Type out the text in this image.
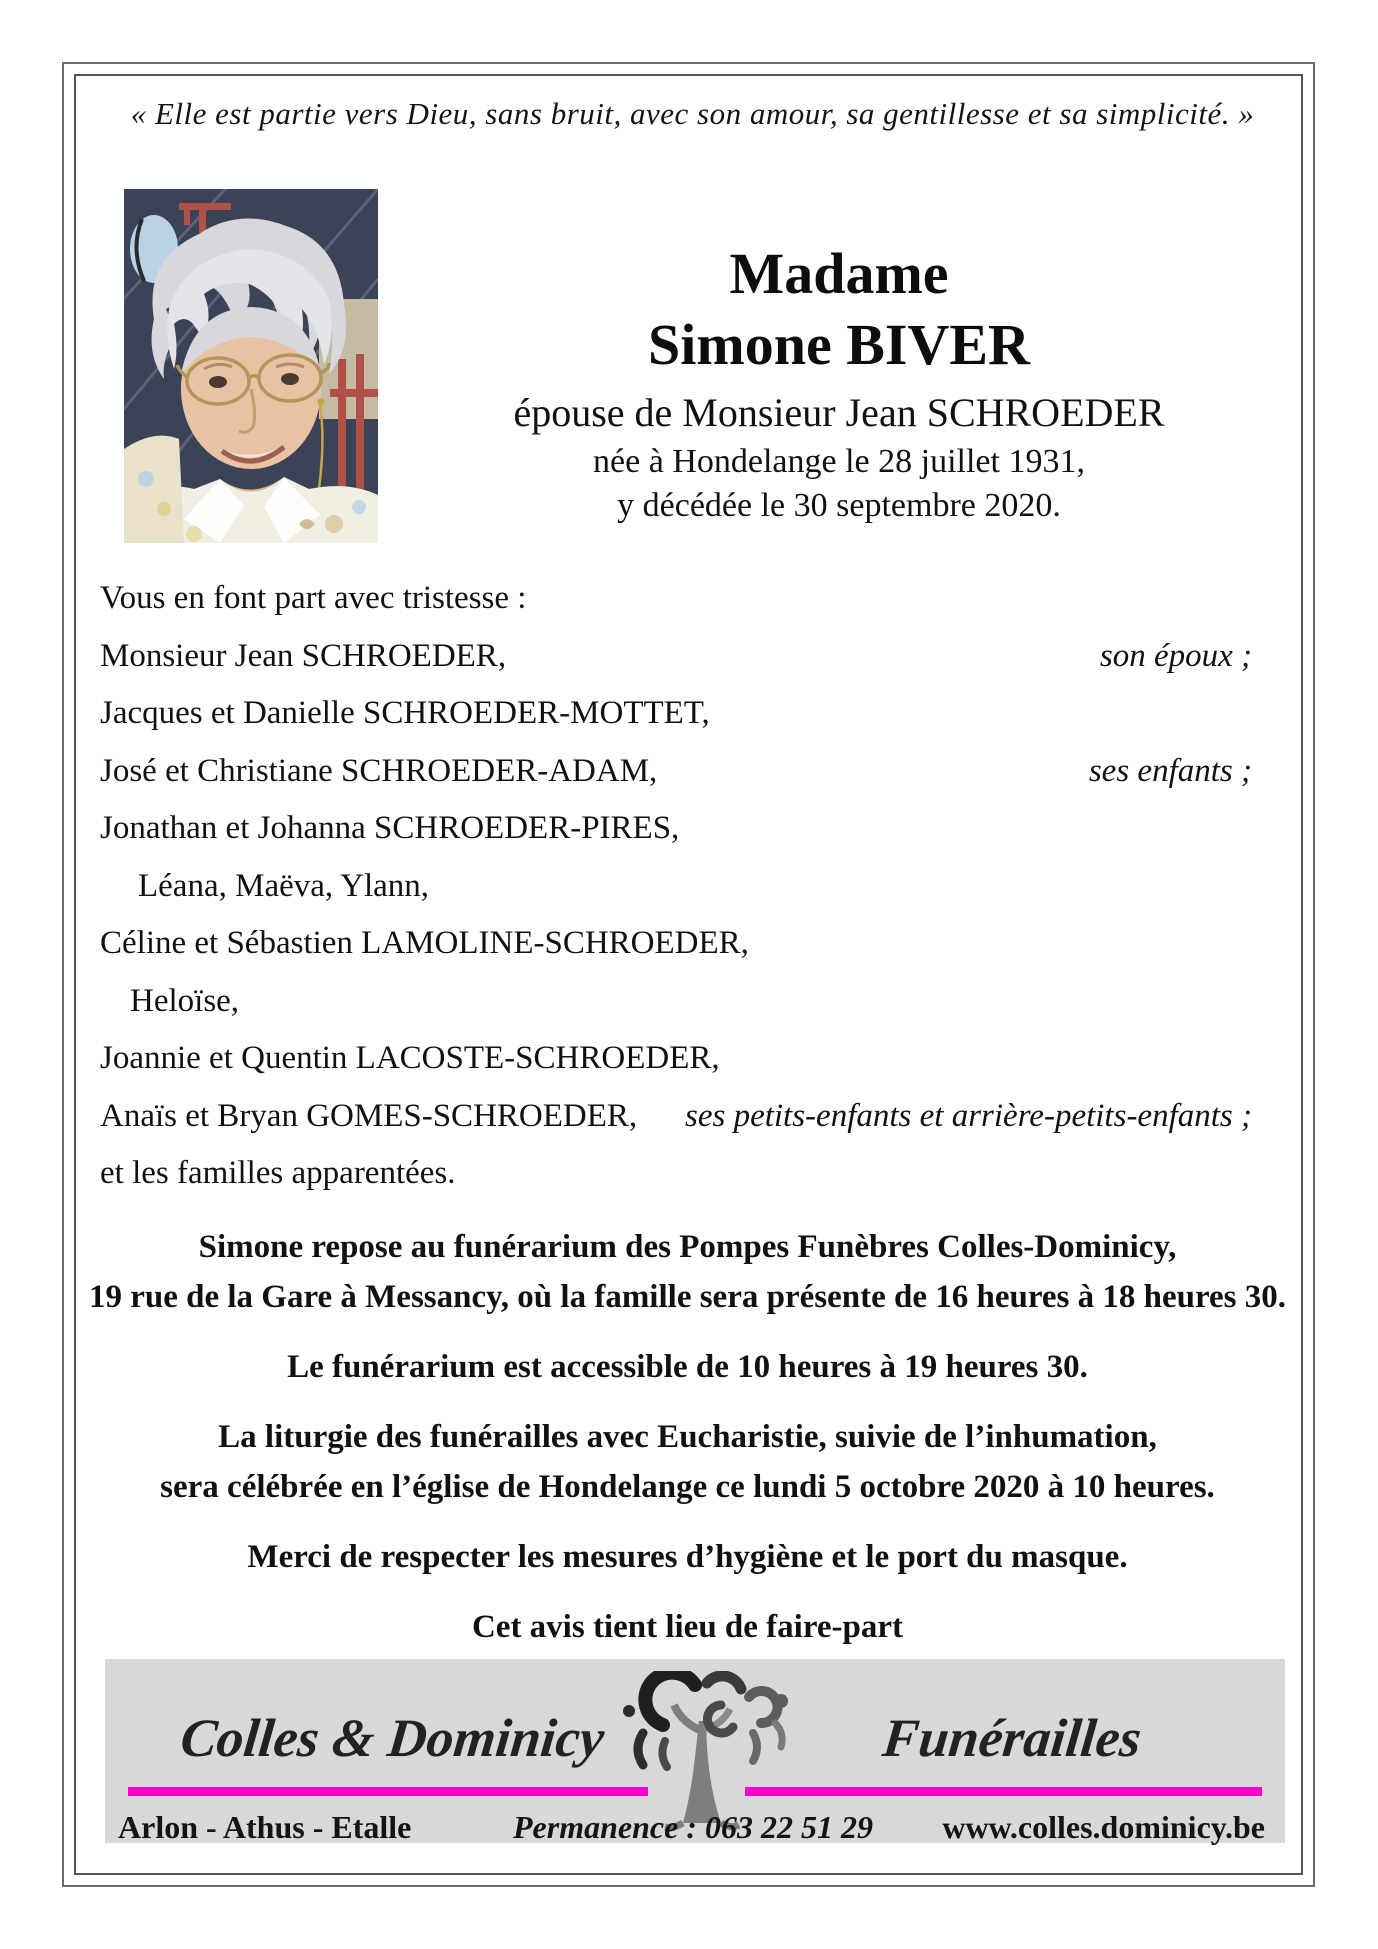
« Elle est partie vers Dieu, sans bruit, avec son amour, sa gentillesse et sa simplicité. »
Madame
Simone BIVER
épouse de Monsieur Jean SCHROEDER
née à Hondelange le 28 juillet 1931,
y décédée le 30 septembre 2020.
Vous en font part avec tristesse :
Monsieur Jean SCHROEDER,	son époux ;
Jacques et Danielle SCHROEDER-MOTTET,
José et Christiane SCHROEDER-ADAM,	ses enfants ;
Jonathan et Johanna SCHROEDER-PIRES,
Léana, Maëva, Ylann,
Céline et Sébastien LAMOLINE-SCHROEDER,
Heloïse,
Joannie et Quentin LACOSTE-SCHROEDER,
Anaïs et Bryan GOMES-SCHROEDER, ses petits-enfants et arrière-petits-enfants ;
et les familles apparentées.
Simone repose au funérarium des Pompes Funèbres Colles-Dominicy,
19 rue de la Gare à Messancy, où la famille sera présente de 16 heures à 18 heures 30.
Le funérarium est accessible de 10 heures à 19 heures 30.
La liturgie des funérailles avec Eucharistie, suivie de l’inhumation,
sera célébrée en l’église de Hondelange ce lundi 5 octobre 2020 à 10 heures.
Merci de respecter les mesures d’hygiène et le port du masque.
Cet avis tient lieu de faire-part
Colles & Dominicy	Funérailles
Arlon - Athus - Etalle	Permanence : 063 22 51 29 www.colles.dominicy.be
